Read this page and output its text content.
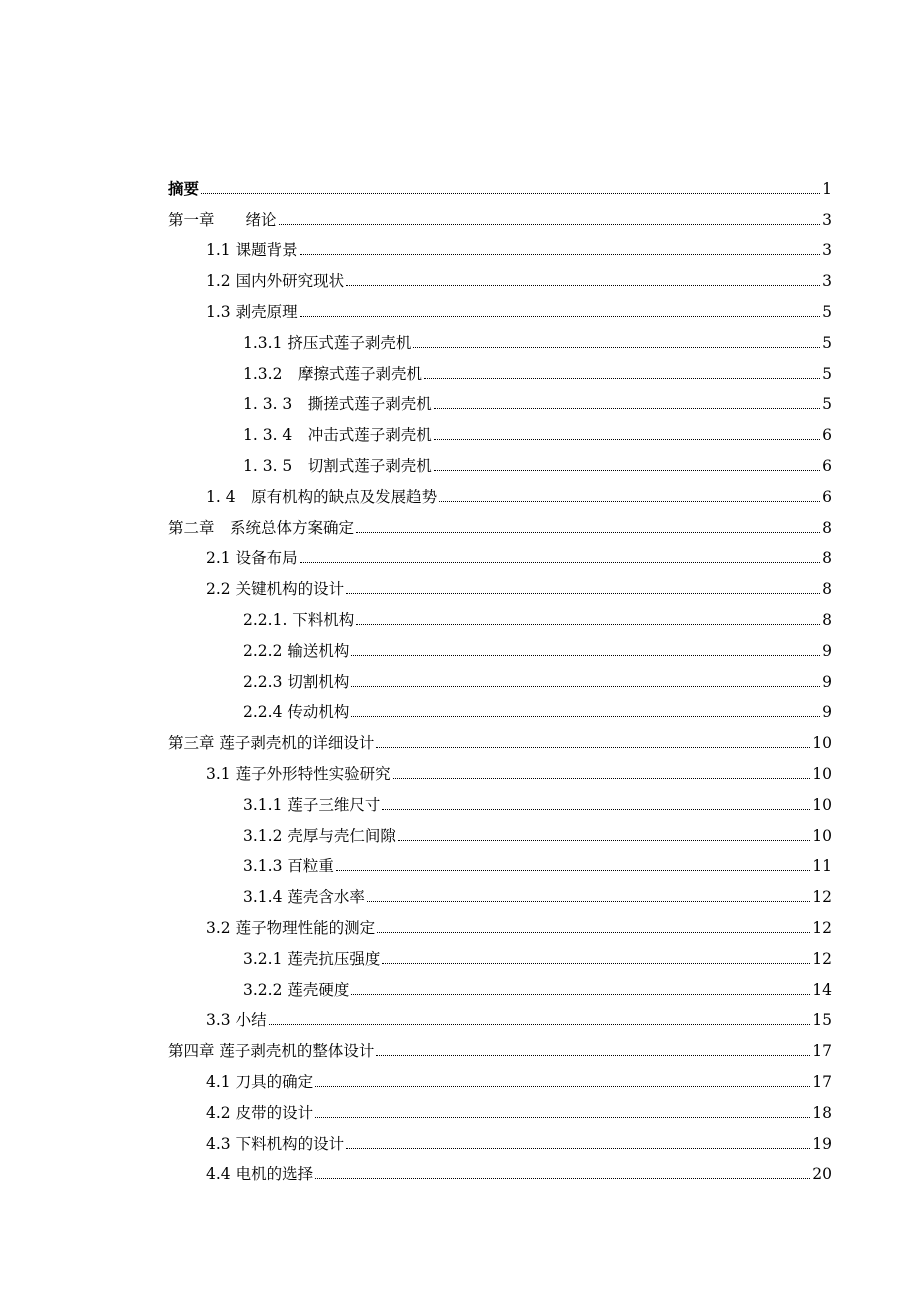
摘要	1
第一章　　绪论	3
1.1 课题背景	3
1.2 国内外研究现状	3
1.3 剥壳原理	5
1.3.1 挤压式莲子剥壳机	5
1.3.2　摩擦式莲子剥壳机	5
1. 3. 3　撕搓式莲子剥壳机	5
1. 3. 4　冲击式莲子剥壳机	6
1. 3. 5　切割式莲子剥壳机	6
1. 4　原有机构的缺点及发展趋势	6
第二章　系统总体方案确定	8
2.1 设备布局	8
2.2 关键机构的设计	8
2.2.1. 下料机构	8
2.2.2 输送机构	9
2.2.3 切割机构	9
2.2.4 传动机构	9
第三章 莲子剥壳机的详细设计	10
3.1 莲子外形特性实验研究	10
3.1.1 莲子三维尺寸	10
3.1.2 壳厚与壳仁间隙	10
3.1.3 百粒重	11
3.1.4 莲壳含水率	12
3.2 莲子物理性能的测定	12
3.2.1 莲壳抗压强度	12
3.2.2 莲壳硬度	14
3.3 小结	15
第四章 莲子剥壳机的整体设计	17
4.1 刀具的确定	17
4.2 皮带的设计	18
4.3 下料机构的设计	19
4.4 电机的选择	20
